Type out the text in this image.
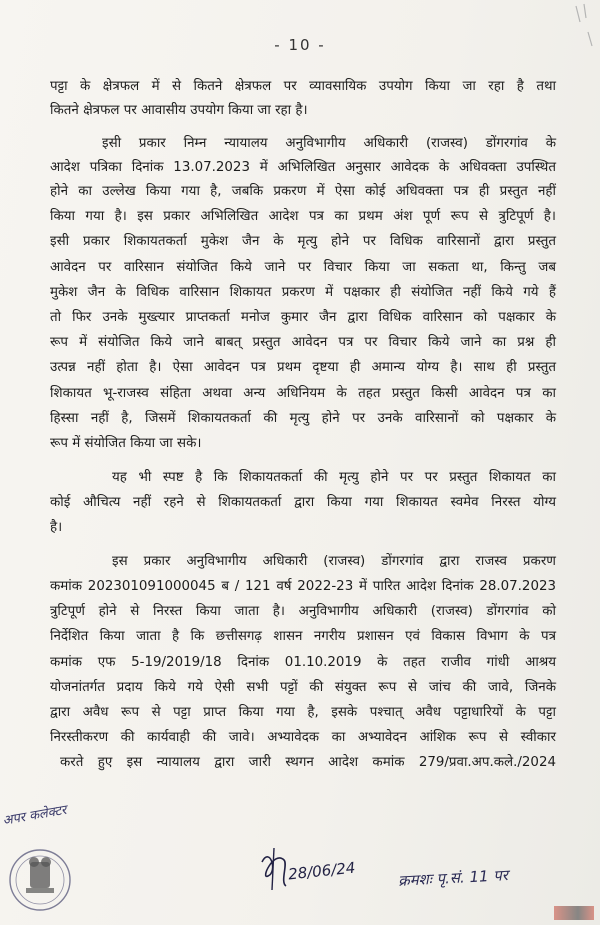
- 10 -
पट्टा के क्षेत्रफल में से कितने क्षेत्रफल पर व्यावसायिक उपयोग किया जा रहा है तथा
कितने क्षेत्रफल पर आवासीय उपयोग किया जा रहा है।
इसी प्रकार निम्न न्यायालय अनुविभागीय अधिकारी (राजस्व) डोंगरगांव के
आदेश पत्रिका दिनांक 13.07.2023 में अभिलिखित अनुसार आवेदक के अधिवक्ता उपस्थित
होने का उल्लेख किया गया है, जबकि प्रकरण में ऐसा कोई अधिवक्ता पत्र ही प्रस्तुत नहीं
किया गया है। इस प्रकार अभिलिखित आदेश पत्र का प्रथम अंश पूर्ण रूप से त्रुटिपूर्ण है।
इसी प्रकार शिकायतकर्ता मुकेश जैन के मृत्यु होने पर विधिक वारिसानों द्वारा प्रस्तुत
आवेदन पर वारिसान संयोजित किये जाने पर विचार किया जा सकता था, किन्तु जब
मुकेश जैन के विधिक वारिसान शिकायत प्रकरण में पक्षकार ही संयोजित नहीं किये गये हैं
तो फिर उनके मुख्त्यार प्राप्तकर्ता मनोज कुमार जैन द्वारा विधिक वारिसान को पक्षकार के
रूप में संयोजित किये जाने बाबत् प्रस्तुत आवेदन पत्र पर विचार किये जाने का प्रश्न ही
उत्पन्न नहीं होता है। ऐसा आवेदन पत्र प्रथम दृष्टया ही अमान्य योग्य है। साथ ही प्रस्तुत
शिकायत भू-राजस्व संहिता अथवा अन्य अधिनियम के तहत प्रस्तुत किसी आवेदन पत्र का
हिस्सा नहीं है, जिसमें शिकायतकर्ता की मृत्यु होने पर उनके वारिसानों को पक्षकार के
रूप में संयोजित किया जा सके।
यह भी स्पष्ट है कि शिकायतकर्ता की मृत्यु होने पर पर प्रस्तुत शिकायत का
कोई औचित्य नहीं रहने से शिकायतकर्ता द्वारा किया गया शिकायत स्वमेव निरस्त योग्य
है।
इस प्रकार अनुविभागीय अधिकारी (राजस्व) डोंगरगांव द्वारा राजस्व प्रकरण
कमांक 202301091000045 ब / 121 वर्ष 2022-23 में पारित आदेश दिनांक 28.07.2023
त्रुटिपूर्ण होने से निरस्त किया जाता है। अनुविभागीय अधिकारी (राजस्व) डोंगरगांव को
निर्देशित किया जाता है कि छत्तीसगढ़ शासन नगरीय प्रशासन एवं विकास विभाग के पत्र
कमांक एफ 5-19/2019/18 दिनांक 01.10.2019 के तहत राजीव गांधी आश्रय
योजनांतर्गत प्रदाय किये गये ऐसी सभी पट्टों की संयुक्त रूप से जांच की जावे, जिनके
द्वारा अवैध रूप से पट्टा प्राप्त किया गया है, इसके पश्चात् अवैध पट्टाधारियों के पट्टा
निरस्तीकरण की कार्यवाही की जावे। अभ्यावेदक का अभ्यावेदन आंशिक रूप से स्वीकार
करते हुए इस न्यायालय द्वारा जारी स्थगन आदेश कमांक 279/प्रवा.अप.कले./2024
अपर कलेक्टर
28/06/24	क्रमशः पृ.सं. 11 पर
